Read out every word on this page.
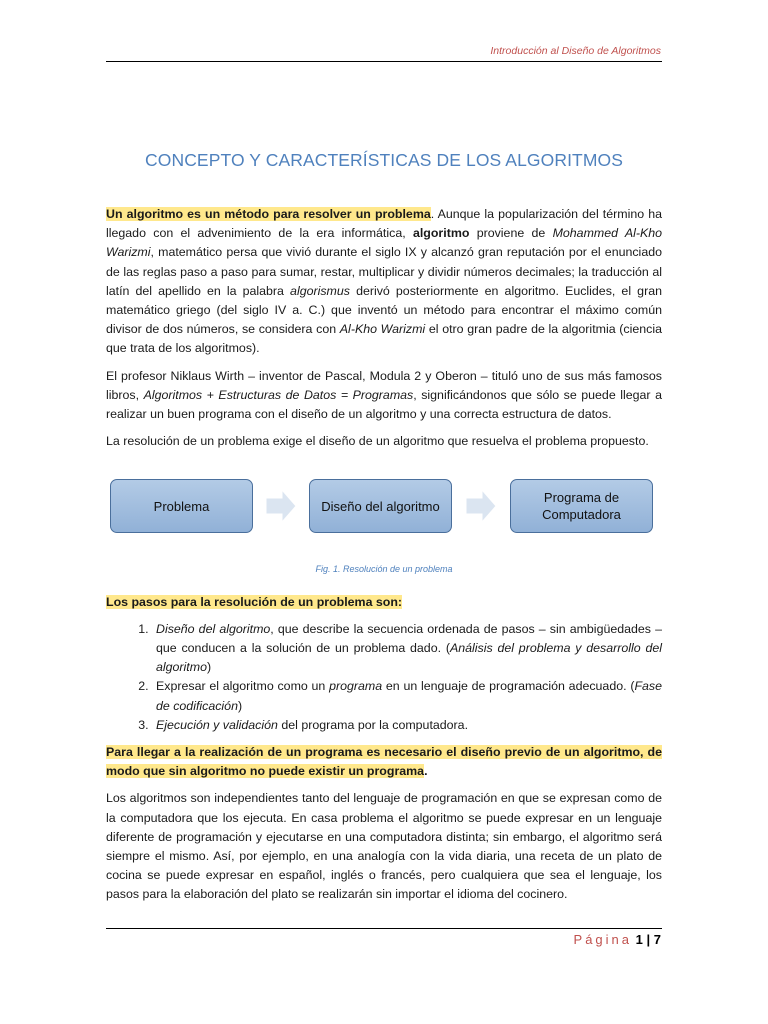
Introducción al Diseño de Algoritmos
CONCEPTO Y CARACTERÍSTICAS DE LOS ALGORITMOS

Un algoritmo es un método para resolver un problema. Aunque la popularización del término ha llegado con el advenimiento de la era informática, algoritmo proviene de Mohammed Al-Kho Warizmi, matemático persa que vivió durante el siglo IX y alcanzó gran reputación por el enunciado de las reglas paso a paso para sumar, restar, multiplicar y dividir números decimales; la traducción al latín del apellido en la palabra algorismus derivó posteriormente en algoritmo. Euclides, el gran matemático griego (del siglo IV a. C.) que inventó un método para encontrar el máximo común divisor de dos números, se considera con Al-Kho Warizmi el otro gran padre de la algoritmia (ciencia que trata de los algoritmos).

El profesor Niklaus Wirth – inventor de Pascal, Modula 2 y Oberon – tituló uno de sus más famosos libros, Algoritmos + Estructuras de Datos = Programas, significándonos que sólo se puede llegar a realizar un buen programa con el diseño de un algoritmo y una correcta estructura de datos.

La resolución de un problema exige el diseño de un algoritmo que resuelva el problema propuesto.

Problema	Diseño del algoritmo
Programa de
Computadora
Fig. 1. Resolución de un problema

Los pasos para la resolución de un problema son:

1. Diseño del algoritmo, que describe la secuencia ordenada de pasos – sin ambigüedades – que conducen a la solución de un problema dado. (Análisis del problema y desarrollo del algoritmo)
2. Expresar el algoritmo como un programa en un lenguaje de programación adecuado. (Fase de codificación)
3. Ejecución y validación del programa por la computadora.

Para llegar a la realización de un programa es necesario el diseño previo de un algoritmo, de modo que sin algoritmo no puede existir un programa.

Los algoritmos son independientes tanto del lenguaje de programación en que se expresan como de la computadora que los ejecuta. En casa problema el algoritmo se puede expresar en un lenguaje diferente de programación y ejecutarse en una computadora distinta; sin embargo, el algoritmo será siempre el mismo. Así, por ejemplo, en una analogía con la vida diaria, una receta de un plato de cocina se puede expresar en español, inglés o francés, pero cualquiera que sea el lenguaje, los pasos para la elaboración del plato se realizarán sin importar el idioma del cocinero.

Página 1 | 7
